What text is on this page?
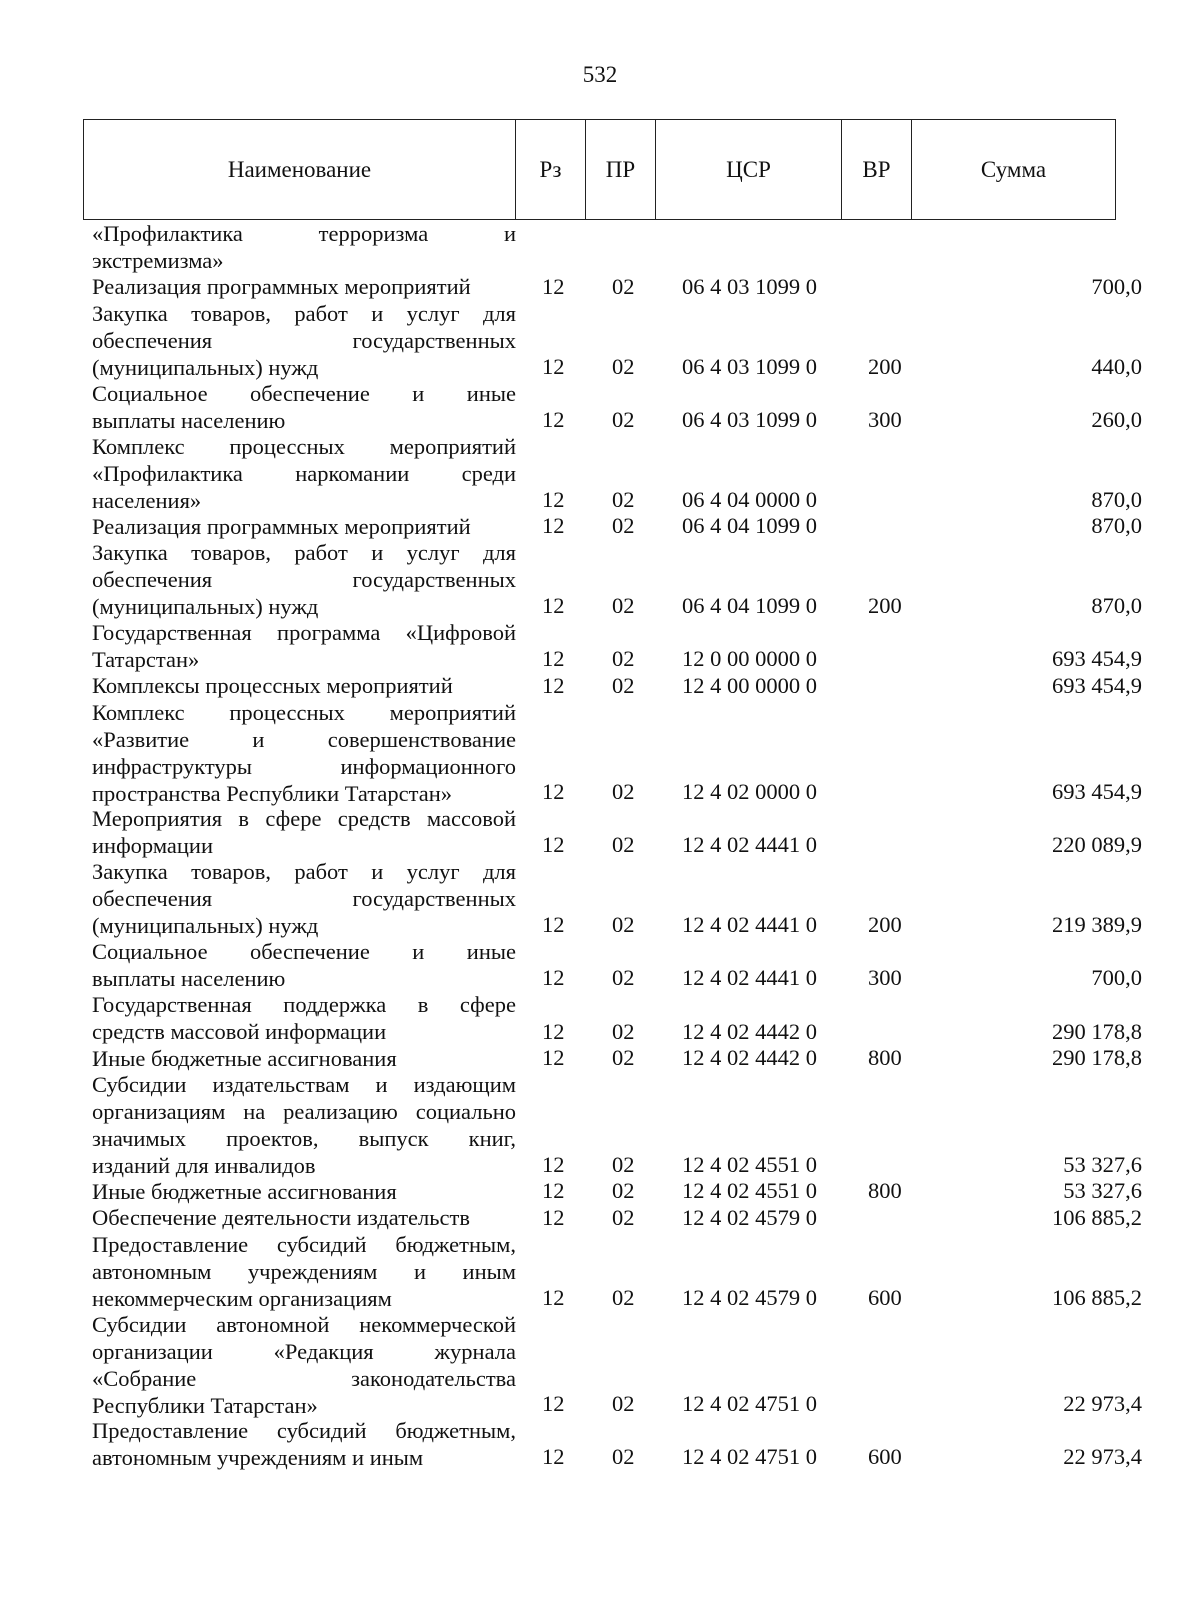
532
Наименование	Рз	ПР	ЦСР	ВР	Сумма
«Профилактика терроризма и
экстремизма»
Реализация программных мероприятий	12	02	06 4 03 1099 0	700,0
Закупка товаров, работ и услуг для
обеспечения государственных
(муниципальных) нужд	12	02	06 4 03 1099 0	200	440,0
Социальное обеспечение и иные
выплаты населению	12	02	06 4 03 1099 0	300	260,0
Комплекс процессных мероприятий
«Профилактика наркомании среди
населения»	12	02	06 4 04 0000 0	870,0
Реализация программных мероприятий	12	02	06 4 04 1099 0	870,0
Закупка товаров, работ и услуг для
обеспечения государственных
(муниципальных) нужд	12	02	06 4 04 1099 0	200	870,0
Государственная программа «Цифровой
Татарстан»	12	02	12 0 00 0000 0	693 454,9
Комплексы процессных мероприятий	12	02	12 4 00 0000 0	693 454,9
Комплекс процессных мероприятий
«Развитие и совершенствование
инфраструктуры информационного
пространства Республики Татарстан»	12	02	12 4 02 0000 0	693 454,9
Мероприятия в сфере средств массовой
информации	12	02	12 4 02 4441 0	220 089,9
Закупка товаров, работ и услуг для
обеспечения государственных
(муниципальных) нужд	12	02	12 4 02 4441 0	200	219 389,9
Социальное обеспечение и иные
выплаты населению	12	02	12 4 02 4441 0	300	700,0
Государственная поддержка в сфере
средств массовой информации	12	02	12 4 02 4442 0	290 178,8
Иные бюджетные ассигнования	12	02	12 4 02 4442 0	800	290 178,8
Субсидии издательствам и издающим
организациям на реализацию социально
значимых проектов, выпуск книг,
изданий для инвалидов	12	02	12 4 02 4551 0	53 327,6
Иные бюджетные ассигнования	12	02	12 4 02 4551 0	800	53 327,6
Обеспечение деятельности издательств	12	02	12 4 02 4579 0	106 885,2
Предоставление субсидий бюджетным,
автономным учреждениям и иным
некоммерческим организациям	12	02	12 4 02 4579 0	600	106 885,2
Субсидии автономной некоммерческой
организации «Редакция журнала
«Собрание законодательства
Республики Татарстан»	12	02	12 4 02 4751 0	22 973,4
Предоставление субсидий бюджетным,
автономным учреждениям и иным	12	02	12 4 02 4751 0	600	22 973,4
